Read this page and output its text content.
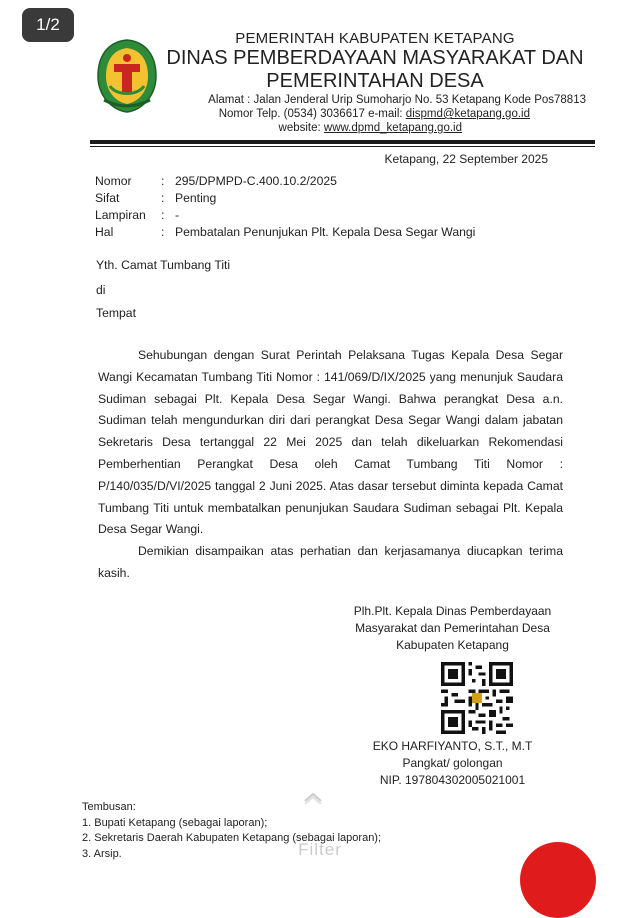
1/2
PEMERINTAH KABUPATEN KETAPANG
DINAS PEMBERDAYAAN MASYARAKAT DAN
PEMERINTAHAN DESA
Alamat : Jalan Jenderal Urip Sumoharjo No. 53 Ketapang Kode Pos78813
Nomor Telp. (0534) 3036617 e-mail: dispmd@ketapang.go.id
website: www.dpmd_ketapang.go.id
Ketapang, 22 September 2025
Nomor	: 295/DPMPD-C.400.10.2/2025
Sifat	: Penting
Lampiran	: -
Hal	: Pembatalan Penunjukan Plt. Kepala Desa Segar Wangi
Yth. Camat Tumbang Titi
di
Tempat

Sehubungan dengan Surat Perintah Pelaksana Tugas Kepala Desa Segar Wangi Kecamatan Tumbang Titi Nomor : 141/069/D/IX/2025 yang menunjuk Saudara Sudiman sebagai Plt. Kepala Desa Segar Wangi. Bahwa perangkat Desa a.n. Sudiman telah mengundurkan diri dari perangkat Desa Segar Wangi dalam jabatan Sekretaris Desa tertanggal 22 Mei 2025 dan telah dikeluarkan Rekomendasi Pemberhentian Perangkat Desa oleh Camat Tumbang Titi Nomor : P/140/035/D/VI/2025 tanggal 2 Juni 2025. Atas dasar tersebut diminta kepada Camat Tumbang Titi untuk membatalkan penunjukan Saudara Sudiman sebagai Plt. Kepala Desa Segar Wangi.

Demikian disampaikan atas perhatian dan kerjasamanya diucapkan terima kasih.

Plh.Plt. Kepala Dinas Pemberdayaan
Masyarakat dan Pemerintahan Desa
Kabupaten Ketapang
EKO HARFIYANTO, S.T., M.T
Pangkat/ golongan
NIP. 197804302005021001
Tembusan:
1. Bupati Ketapang (sebagai laporan);
2. Sekretaris Daerah Kabupaten Ketapang (sebagai laporan);
3. Arsip.	Filter
